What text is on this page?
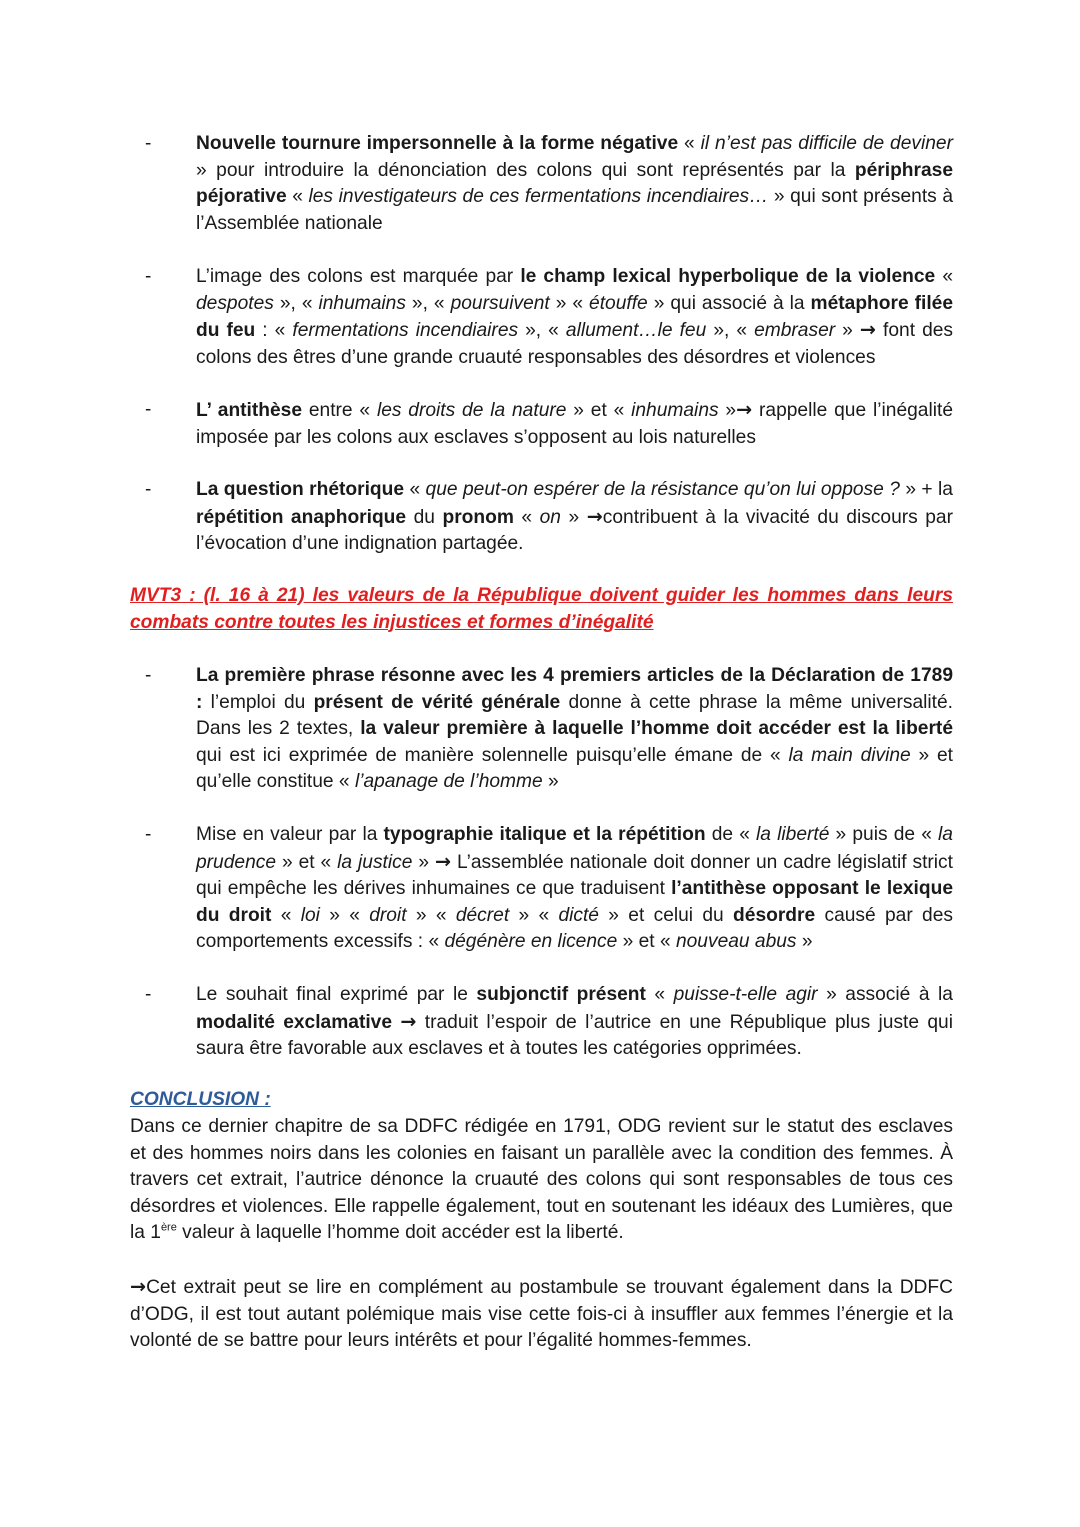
- Nouvelle tournure impersonnelle à la forme négative « il n’est pas difficile de deviner » pour introduire la dénonciation des colons qui sont représentés par la périphrase péjorative « les investigateurs de ces fermentations incendiaires… » qui sont présents à l’Assemblée nationale
- L’image des colons est marquée par le champ lexical hyperbolique de la violence « despotes », « inhumains », « poursuivent » « étouffe » qui associé à la métaphore filée du feu : « fermentations incendiaires », « allument…le feu », « embraser » → font des colons des êtres d’une grande cruauté responsables des désordres et violences
- L’ antithèse entre « les droits de la nature » et « inhumains »→ rappelle que l’inégalité imposée par les colons aux esclaves s’opposent au lois naturelles
- La question rhétorique « que peut-on espérer de la résistance qu’on lui oppose ? » + la répétition anaphorique du pronom « on » →contribuent à la vivacité du discours par l’évocation d’une indignation partagée.
MVT3 : (l. 16 à 21) les valeurs de la République doivent guider les hommes dans leurs combats contre toutes les injustices et formes d’inégalité
- La première phrase résonne avec les 4 premiers articles de la Déclaration de 1789 : l’emploi du présent de vérité générale donne à cette phrase la même universalité. Dans les 2 textes, la valeur première à laquelle l’homme doit accéder est la liberté qui est ici exprimée de manière solennelle puisqu’elle émane de « la main divine » et qu’elle constitue « l’apanage de l’homme »
- Mise en valeur par la typographie italique et la répétition de « la liberté » puis de « la prudence » et « la justice » → L’assemblée nationale doit donner un cadre législatif strict qui empêche les dérives inhumaines ce que traduisent l’antithèse opposant le lexique du droit « loi » « droit » « décret » « dicté » et celui du désordre causé par des comportements excessifs : « dégénère en licence » et « nouveau abus »
- Le souhait final exprimé par le subjonctif présent « puisse-t-elle agir » associé à la modalité exclamative → traduit l’espoir de l’autrice en une République plus juste qui saura être favorable aux esclaves et à toutes les catégories opprimées.
CONCLUSION :
Dans ce dernier chapitre de sa DDFC rédigée en 1791, ODG revient sur le statut des esclaves et des hommes noirs dans les colonies en faisant un parallèle avec la condition des femmes. À travers cet extrait, l’autrice dénonce la cruauté des colons qui sont responsables de tous ces désordres et violences. Elle rappelle également, tout en soutenant les idéaux des Lumières, que la 1ère valeur à laquelle l’homme doit accéder est la liberté.
→Cet extrait peut se lire en complément au postambule se trouvant également dans la DDFC d’ODG, il est tout autant polémique mais vise cette fois-ci à insuffler aux femmes l’énergie et la volonté de se battre pour leurs intérêts et pour l’égalité hommes-femmes.
